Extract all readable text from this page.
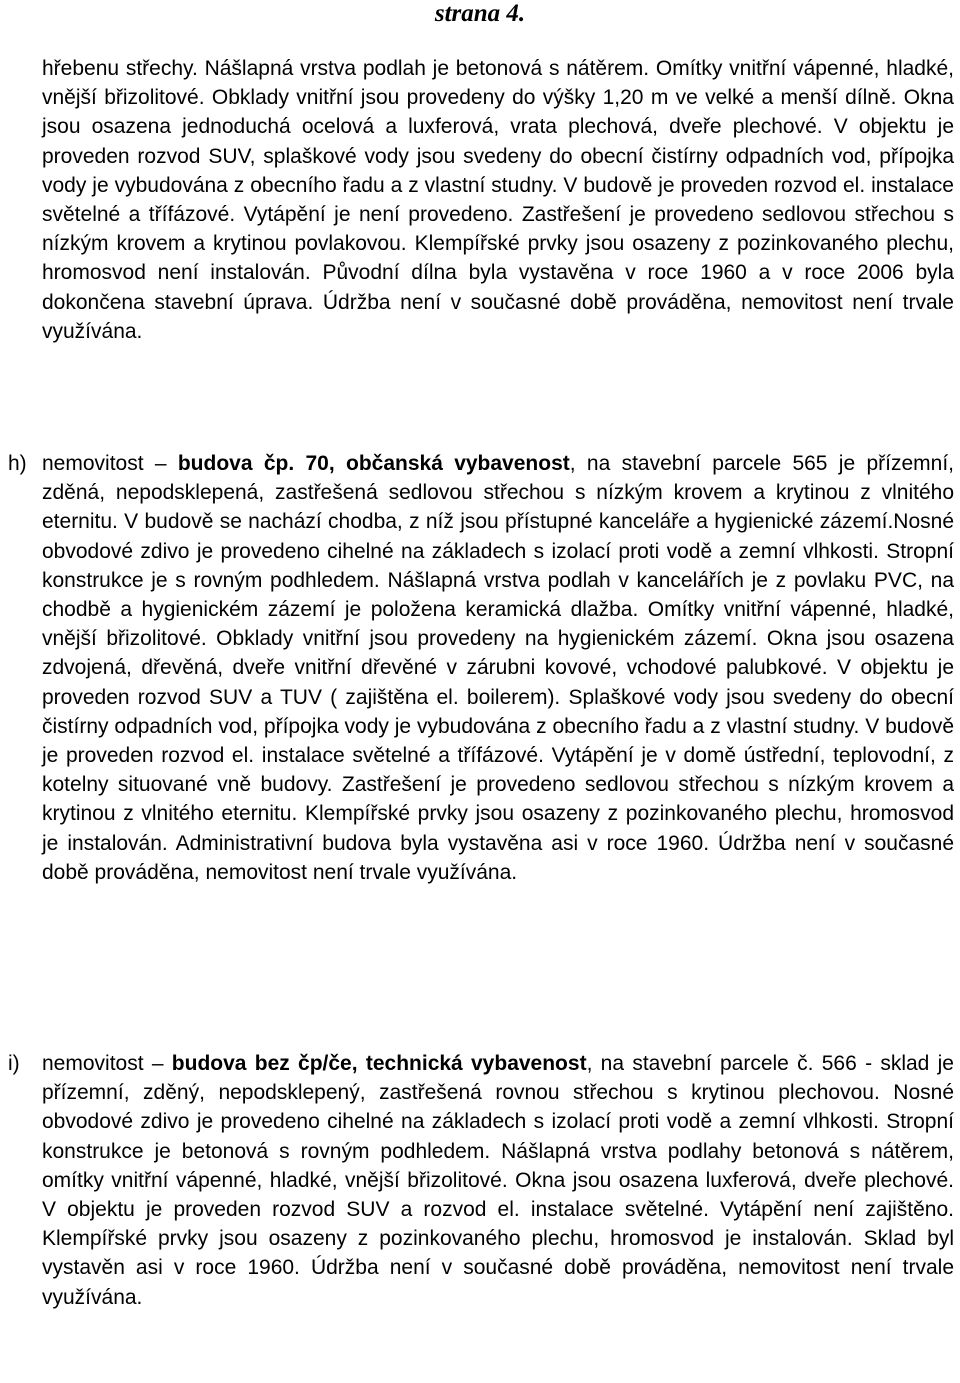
strana 4.

hřebenu střechy. Nášlapná vrstva podlah je betonová s nátěrem. Omítky vnitřní vápenné, hladké, vnější břizolitové. Obklady vnitřní jsou provedeny do výšky 1,20 m ve velké a menší dílně. Okna jsou osazena jednoduchá ocelová a luxferová, vrata plechová, dveře plechové. V objektu je proveden rozvod SUV, splaškové vody jsou svedeny do obecní čistírny odpadních vod, přípojka vody je vybudována z obecního řadu a z vlastní studny. V budově je proveden rozvod el. instalace světelné a třífázové. Vytápění je není provedeno. Zastřešení je provedeno sedlovou střechou s nízkým krovem a krytinou povlakovou. Klempířské prvky jsou osazeny z pozinkovaného plechu, hromosvod není instalován. Původní dílna byla vystavěna v roce 1960 a v roce 2006 byla dokončena stavební úprava. Údržba není v současné době prováděna, nemovitost není trvale využívána.

h) nemovitost – budova čp. 70, občanská vybavenost, na stavební parcele 565 je přízemní, zděná, nepodsklepená, zastřešená sedlovou střechou s nízkým krovem a krytinou z vlnitého eternitu. V budově se nachází chodba, z níž jsou přístupné kanceláře a hygienické zázemí.Nosné obvodové zdivo je provedeno cihelné na základech s izolací proti vodě a zemní vlhkosti. Stropní konstrukce je s rovným podhledem. Nášlapná vrstva podlah v kancelářích je z povlaku PVC, na chodbě a hygienickém zázemí je položena keramická dlažba. Omítky vnitřní vápenné, hladké, vnější břizolitové. Obklady vnitřní jsou provedeny na hygienickém zázemí. Okna jsou osazena zdvojená, dřevěná, dveře vnitřní dřevěné v zárubni kovové, vchodové palubkové. V objektu je proveden rozvod SUV a TUV ( zajištěna el. boilerem). Splaškové vody jsou svedeny do obecní čistírny odpadních vod, přípojka vody je vybudována z obecního řadu a z vlastní studny. V budově je proveden rozvod el. instalace světelné a třífázové. Vytápění je v domě ústřední, teplovodní, z kotelny situované vně budovy. Zastřešení je provedeno sedlovou střechou s nízkým krovem a krytinou z vlnitého eternitu. Klempířské prvky jsou osazeny z pozinkovaného plechu, hromosvod je instalován. Administrativní budova byla vystavěna asi v roce 1960. Údržba není v současné době prováděna, nemovitost není trvale využívána.

i) nemovitost – budova bez čp/če, technická vybavenost, na stavební parcele č. 566 - sklad je přízemní, zděný, nepodsklepený, zastřešená rovnou střechou s krytinou plechovou. Nosné obvodové zdivo je provedeno cihelné na základech s izolací proti vodě a zemní vlhkosti. Stropní konstrukce je betonová s rovným podhledem. Nášlapná vrstva podlahy betonová s nátěrem, omítky vnitřní vápenné, hladké, vnější břizolitové. Okna jsou osazena luxferová, dveře plechové. V objektu je proveden rozvod SUV a rozvod el. instalace světelné. Vytápění není zajištěno. Klempířské prvky jsou osazeny z pozinkovaného plechu, hromosvod je instalován. Sklad byl vystavěn asi v roce 1960. Údržba není v současné době prováděna, nemovitost není trvale využívána.
